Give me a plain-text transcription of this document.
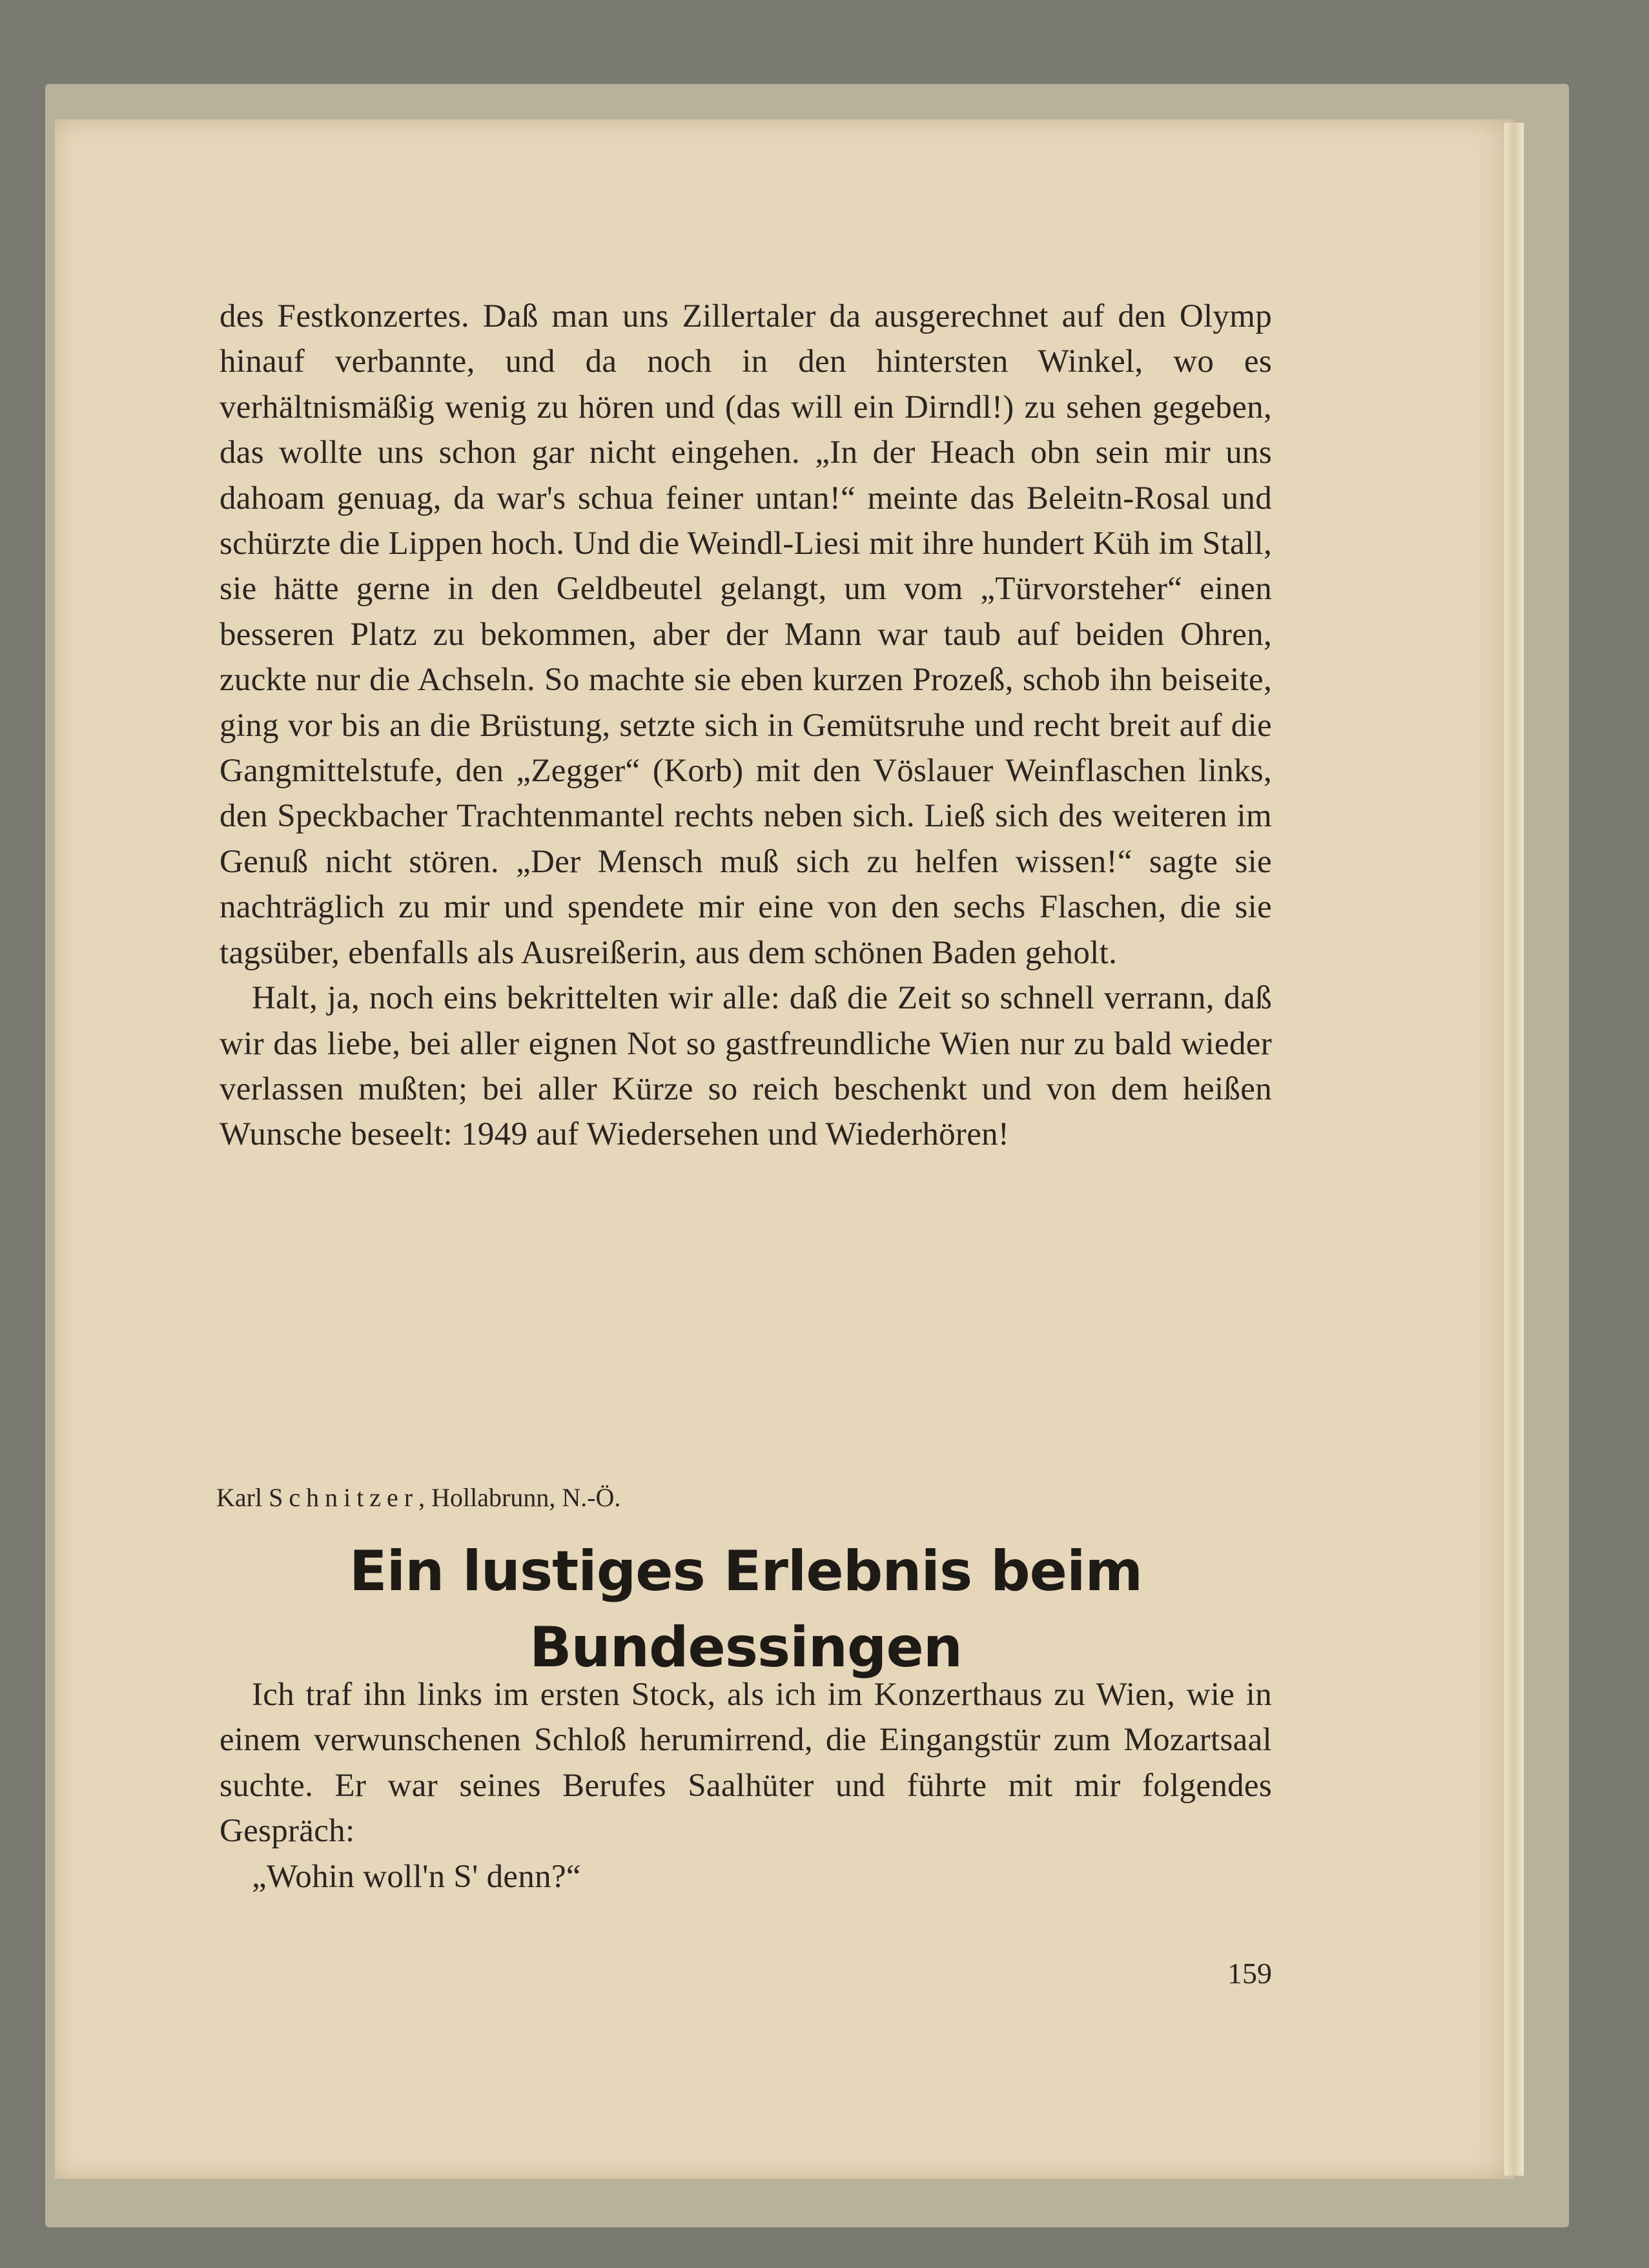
des Festkonzertes. Daß man uns Zillertaler da ausgerechnet auf den Olymp hinauf verbannte, und da noch in den hintersten Winkel, wo es verhältnismäßig wenig zu hören und (das will ein Dirndl!) zu sehen gegeben, das wollte uns schon gar nicht eingehen. „In der Heach obn sein mir uns dahoam genuag, da war's schua feiner untan!“ meinte das Beleitn-Rosal und schürzte die Lippen hoch. Und die Weindl-Liesi mit ihre hundert Küh im Stall, sie hätte gerne in den Geldbeutel gelangt, um vom „Türvorsteher“ einen besseren Platz zu bekommen, aber der Mann war taub auf beiden Ohren, zuckte nur die Achseln. So machte sie eben kurzen Prozeß, schob ihn beiseite, ging vor bis an die Brüstung, setzte sich in Gemütsruhe und recht breit auf die Gangmittelstufe, den „Zegger“ (Korb) mit den Vöslauer Weinflaschen links, den Speckbacher Trachtenmantel rechts neben sich. Ließ sich des weiteren im Genuß nicht stören. „Der Mensch muß sich zu helfen wissen!“ sagte sie nachträglich zu mir und spendete mir eine von den sechs Flaschen, die sie tagsüber, ebenfalls als Ausreißerin, aus dem schönen Baden geholt.

Halt, ja, noch eins bekrittelten wir alle: daß die Zeit so schnell verrann, daß wir das liebe, bei aller eignen Not so gastfreundliche Wien nur zu bald wieder verlassen mußten; bei aller Kürze so reich beschenkt und von dem heißen Wunsche beseelt: 1949 auf Wiedersehen und Wiederhören!

Karl Schnitzer, Hollabrunn, N.-Ö.
Ein lustiges Erlebnis beim
Bundessingen

Ich traf ihn links im ersten Stock, als ich im Konzerthaus zu Wien, wie in einem verwunschenen Schloß herumirrend, die Eingangstür zum Mozartsaal suchte. Er war seines Berufes Saalhüter und führte mit mir folgendes Gespräch:

„Wohin woll'n S' denn?“

159
